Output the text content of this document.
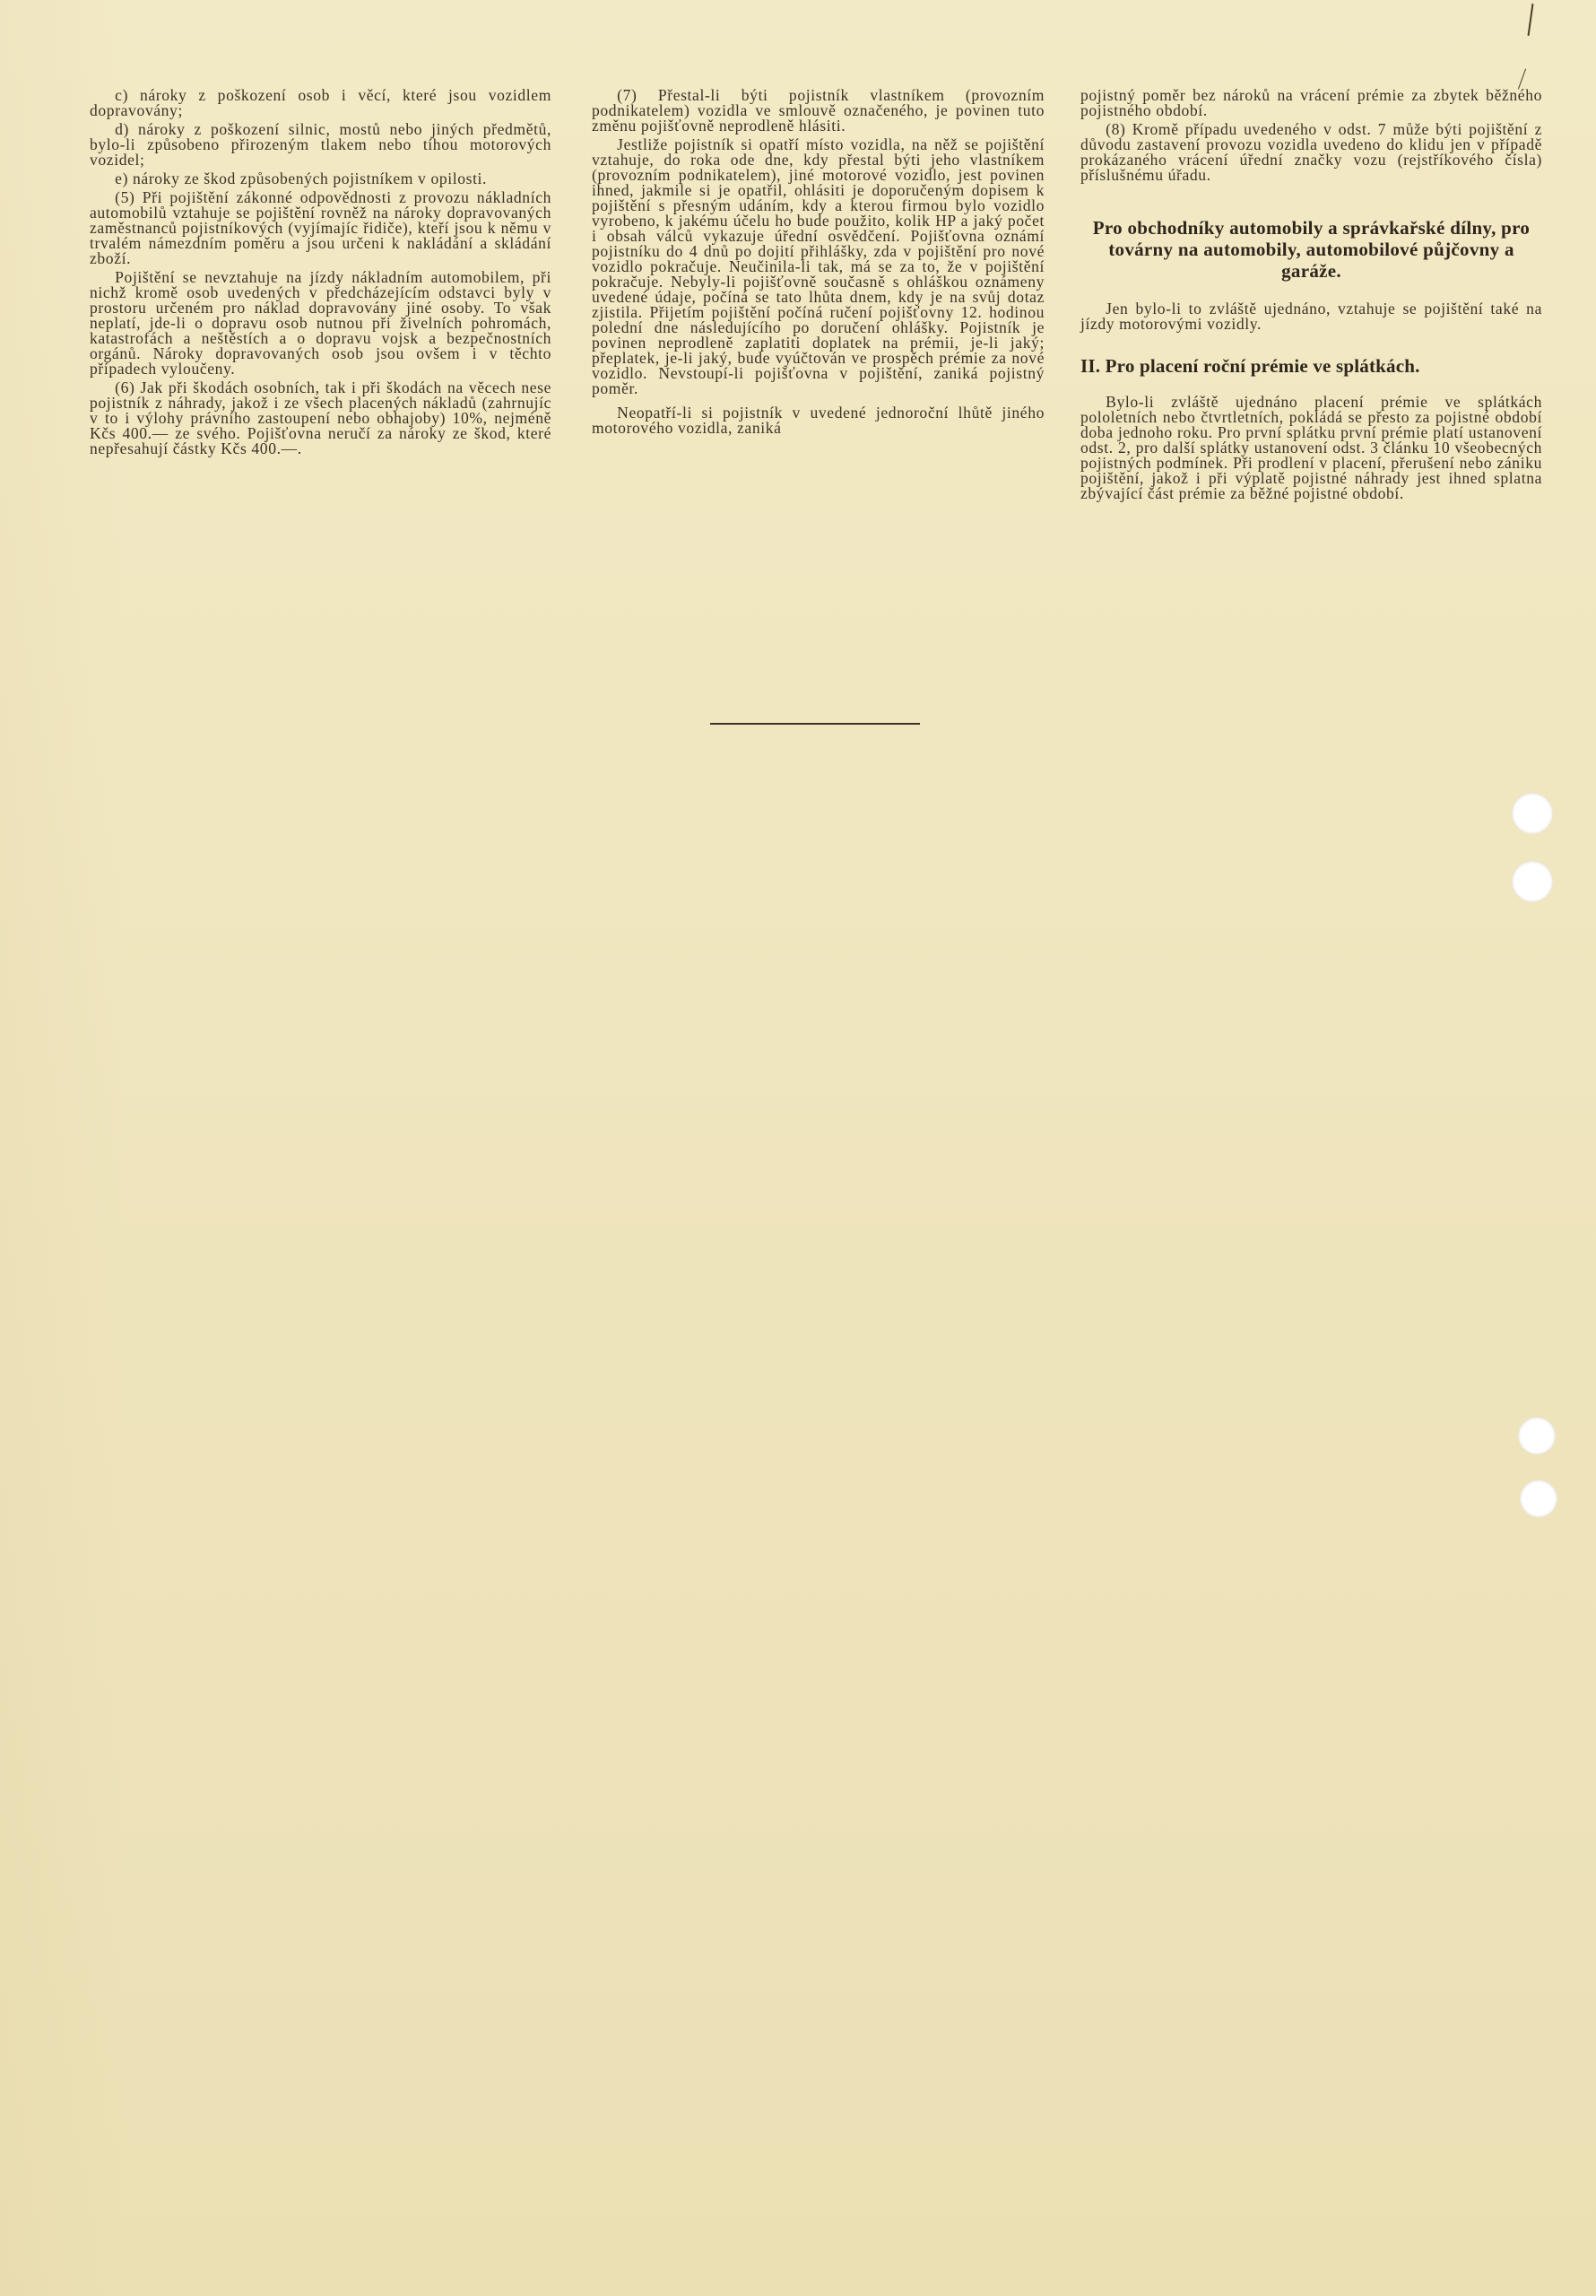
c) nároky z poškození osob i věcí, které jsou vozidlem dopravovány;

d) nároky z poškození silnic, mostů nebo jiných předmětů, bylo-li způsobeno přirozeným tlakem nebo tíhou motorových vozidel;

e) nároky ze škod způsobených pojistníkem v opilosti.

(5) Při pojištění zákonné odpovědnosti z provozu nákladních automobilů vztahuje se pojištění rovněž na nároky dopravovaných zaměstnanců pojistníkových (vyjímajíc řidiče), kteří jsou k němu v trvalém námezdním poměru a jsou určeni k nakládání a skládání zboží.

Pojištění se nevztahuje na jízdy nákladním automobilem, při nichž kromě osob uvedených v předcházejícím odstavci byly v prostoru určeném pro náklad dopravovány jiné osoby. To však neplatí, jde-li o dopravu osob nutnou při živelních pohromách, katastrofách a neštěstích a o dopravu vojsk a bezpečnostních orgánů. Nároky dopravovaných osob jsou ovšem i v těchto případech vyloučeny.

(6) Jak při škodách osobních, tak i při škodách na věcech nese pojistník z náhrady, jakož i ze všech placených nákladů (zahrnujíc v to i výlohy právního zastoupení nebo obhajoby) 10%, nejméně Kčs 400.— ze svého. Pojišťovna neručí za nároky ze škod, které nepřesahují částky Kčs 400.—.

(7) Přestal-li býti pojistník vlastníkem (provozním podnikatelem) vozidla ve smlouvě označeného, je povinen tuto změnu pojišťovně neprodleně hlásiti.

Jestliže pojistník si opatří místo vozidla, na něž se pojištění vztahuje, do roka ode dne, kdy přestal býti jeho vlastníkem (provozním podnikatelem), jiné motorové vozidlo, jest povinen ihned, jakmile si je opatřil, ohlásiti je doporučeným dopisem k pojištění s přesným udáním, kdy a kterou firmou bylo vozidlo vyrobeno, k jakému účelu ho bude použito, kolik HP a jaký počet i obsah válců vykazuje úřední osvědčení. Pojišťovna oznámí pojistníku do 4 dnů po dojití přihlášky, zda v pojištění pro nové vozidlo pokračuje. Neučinila-li tak, má se za to, že v pojištění pokračuje. Nebyly-li pojišťovně současně s ohláškou oznámeny uvedené údaje, počíná se tato lhůta dnem, kdy je na svůj dotaz zjistila. Přijetím pojištění počíná ručení pojišťovny 12. hodinou polední dne následujícího po doručení ohlášky. Pojistník je povinen neprodleně zaplatiti doplatek na prémii, je-li jaký; přeplatek, je-li jaký, bude vyúčtován ve prospěch prémie za nové vozidlo. Nevstoupí-li pojišťovna v pojištění, zaniká pojistný poměr.

Neopatří-li si pojistník v uvedené jednoroční lhůtě jiného motorového vozidla, zaniká

pojistný poměr bez nároků na vrácení prémie za zbytek běžného pojistného období.

(8) Kromě případu uvedeného v odst. 7 může býti pojištění z důvodu zastavení provozu vozidla uvedeno do klidu jen v případě prokázaného vrácení úřední značky vozu (rejstříkového čísla) příslušnému úřadu.

Pro obchodníky automobily a správkařské dílny, pro továrny na automobily, automobilové půjčovny a garáže.

Jen bylo-li to zvláště ujednáno, vztahuje se pojištění také na jízdy motorovými vozidly.

II. Pro placení roční prémie ve splátkách.

Bylo-li zvláště ujednáno placení prémie ve splátkách pololetních nebo čtvrtletních, pokládá se přesto za pojistné období doba jednoho roku. Pro první splátku první prémie platí ustanovení odst. 2, pro další splátky ustanovení odst. 3 článku 10 všeobecných pojistných podmínek. Při prodlení v placení, přerušení nebo zániku pojištění, jakož i při výplatě pojistné náhrady jest ihned splatna zbývající část prémie za běžné pojistné období.
